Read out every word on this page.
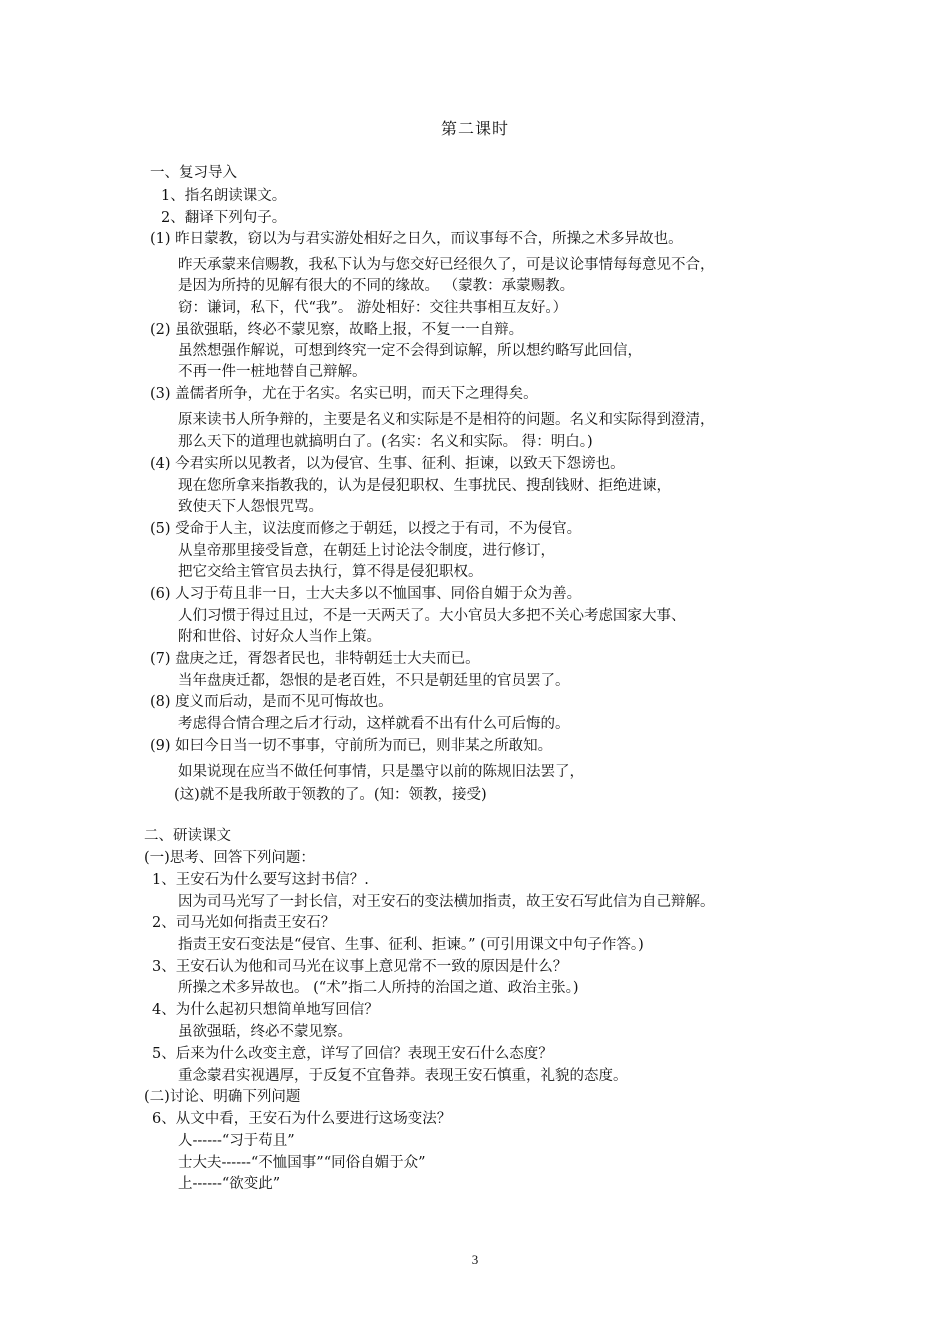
第二课时
一、复习导入
1、指名朗读课文。
2、翻译下列句子。
(1) 昨日蒙教，窃以为与君实游处相好之日久，而议事每不合，所操之术多异故也。
昨天承蒙来信赐教，我私下认为与您交好已经很久了，可是议论事情每每意见不合，
是因为所持的见解有很大的不同的缘故。 （蒙教：承蒙赐教。
窃：谦词，私下，代“我”。 游处相好：交往共事相互友好。）
(2) 虽欲强聒，终必不蒙见察，故略上报，不复一一自辩。
虽然想强作解说，可想到终究一定不会得到谅解，所以想约略写此回信，
不再一件一桩地替自己辩解。
(3) 盖儒者所争，尤在于名实。名实已明，而天下之理得矣。
原来读书人所争辩的，主要是名义和实际是不是相符的问题。名义和实际得到澄清，
那么天下的道理也就搞明白了。(名实：名义和实际。 得：明白。)
(4) 今君实所以见教者，以为侵官、生事、征利、拒谏，以致天下怨谤也。
现在您所拿来指教我的，认为是侵犯职权、生事扰民、搜刮钱财、拒绝进谏，
致使天下人怨恨咒骂。
(5) 受命于人主，议法度而修之于朝廷，以授之于有司，不为侵官。
从皇帝那里接受旨意，在朝廷上讨论法令制度，进行修订，
把它交给主管官员去执行，算不得是侵犯职权。
(6) 人习于苟且非一日，士大夫多以不恤国事、同俗自媚于众为善。
人们习惯于得过且过，不是一天两天了。大小官员大多把不关心考虑国家大事、
附和世俗、讨好众人当作上策。
(7) 盘庚之迁，胥怨者民也，非特朝廷士大夫而已。
当年盘庚迁都，怨恨的是老百姓，不只是朝廷里的官员罢了。
(8) 度义而后动，是而不见可悔故也。
考虑得合情合理之后才行动，这样就看不出有什么可后悔的。
(9) 如曰今日当一切不事事，守前所为而已，则非某之所敢知。
如果说现在应当不做任何事情，只是墨守以前的陈规旧法罢了，
(这)就不是我所敢于领教的了。(知：领教，接受)
二、研读课文
(一)思考、回答下列问题：
1、王安石为什么要写这封书信？.
因为司马光写了一封长信，对王安石的变法横加指责，故王安石写此信为自己辩解。
2、司马光如何指责王安石？
指责王安石变法是“侵官、生事、征利、拒谏。” (可引用课文中句子作答。)
3、王安石认为他和司马光在议事上意见常不一致的原因是什么？
所操之术多异故也。 (“术”指二人所持的治国之道、政治主张。)
4、为什么起初只想简单地写回信？
虽欲强聒，终必不蒙见察。
5、后来为什么改变主意，详写了回信？表现王安石什么态度？
重念蒙君实视遇厚，于反复不宜鲁莽。表现王安石慎重，礼貌的态度。
(二)讨论、明确下列问题
6、从文中看，王安石为什么要进行这场变法？
人------“习于苟且”
士大夫------“不恤国事”“同俗自媚于众”
上------“欲变此”
3
